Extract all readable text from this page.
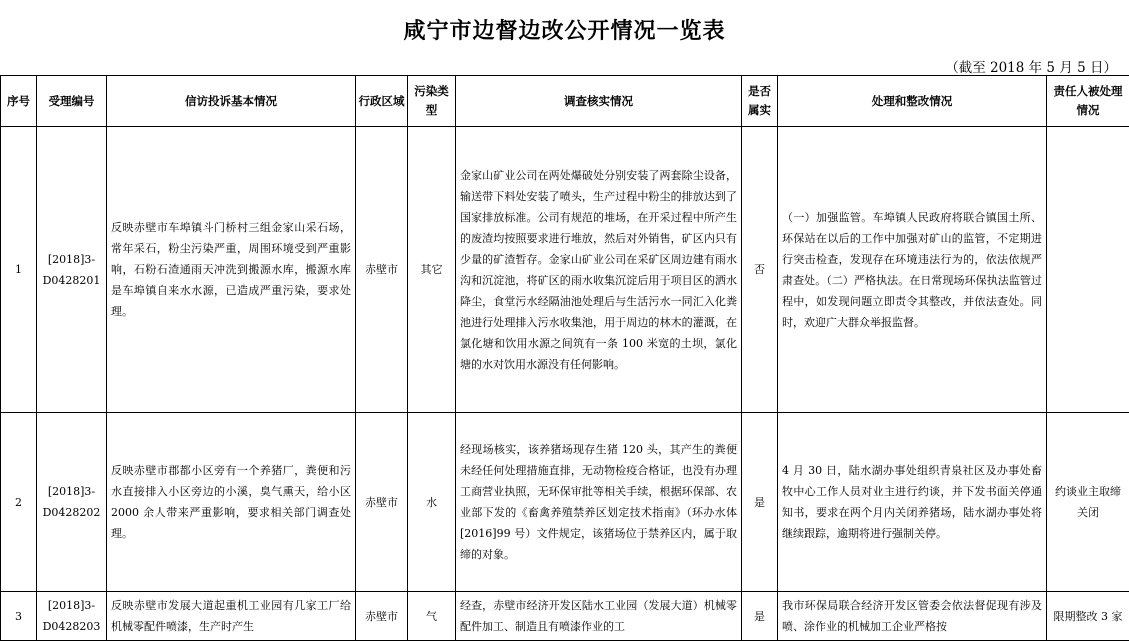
咸宁市边督边改公开情况一览表
（截至 2018 年 5 月 5 日）
序号	受理编号	信访投诉基本情况	行政区域	污染类型	调查核实情况	是否属实	处理和整改情况	责任人被处理情况
1	[2018]3-D0428201	反映赤壁市车埠镇斗门桥村三组金家山采石场，常年采石，粉尘污染严重，周围环境受到严重影响，石粉石渣通雨天冲洗到搬源水库，搬源水库是车埠镇自来水水源，已造成严重污染，要求处理。	赤壁市	其它	金家山矿业公司在两处爆破处分别安装了两套除尘设备，输送带下料处安装了喷头，生产过程中粉尘的排放达到了国家排放标准。公司有规范的堆场，在开采过程中所产生的废渣均按照要求进行堆放，然后对外销售，矿区内只有少量的矿渣暂存。金家山矿业公司在采矿区周边建有雨水沟和沉淀池，将矿区的雨水收集沉淀后用于项目区的洒水降尘，食堂污水经隔油池处理后与生活污水一同汇入化粪池进行处理排入污水收集池，用于周边的林木的灌溉，在氯化塘和饮用水源之间筑有一条 100 米宽的土坝，氯化塘的水对饮用水源没有任何影响。	否	（一）加强监管。车埠镇人民政府将联合镇国土所、环保站在以后的工作中加强对矿山的监管，不定期进行突击检查，发现存在环境违法行为的，依法依规严肃查处。（二）严格执法。在日常现场环保执法监管过程中，如发现问题立即责令其整改，并依法查处。同时，欢迎广大群众举报监督。	
2	[2018]3-D0428202	反映赤壁市郡都小区旁有一个养猪厂，粪便和污水直接排入小区旁边的小溪，臭气熏天，给小区 2000 余人带来严重影响，要求相关部门调查处理。	赤壁市	水	经现场核实，该养猪场现存生猪 120 头，其产生的粪便未经任何处理措施直排，无动物检疫合格证，也没有办理工商营业执照，无环保审批等相关手续，根据环保部、农业部下发的《畜禽养殖禁养区划定技术指南》（环办水体[2016]99 号）文件规定，该猪场位于禁养区内，属于取缔的对象。	是	4 月 30 日，陆水湖办事处组织青泉社区及办事处畜牧中心工作人员对业主进行约谈，并下发书面关停通知书，要求在两个月内关闭养猪场，陆水湖办事处将继续跟踪，逾期将进行强制关停。	约谈业主取缔关闭
3	[2018]3-D0428203	反映赤壁市发展大道起重机工业园有几家工厂给机械零配件喷漆，生产时产生	赤壁市	气	经查，赤壁市经济开发区陆水工业园（发展大道）机械零配件加工、制造且有喷漆作业的工	是	我市环保局联合经济开发区管委会依法督促现有涉及喷、涂作业的机械加工企业严格按	限期整改 3 家
